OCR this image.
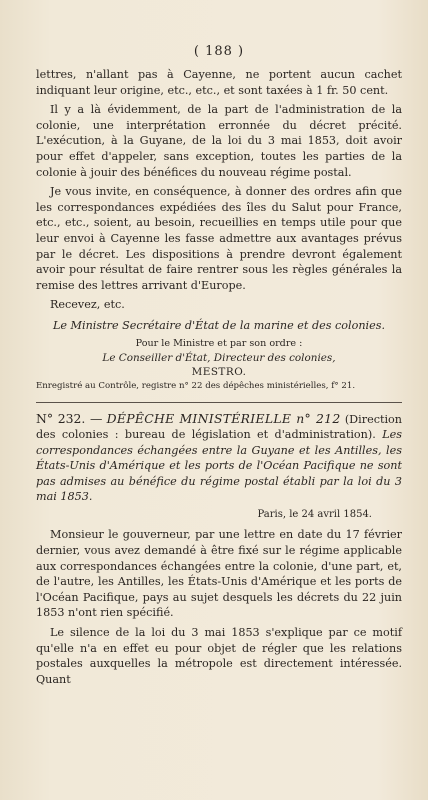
( 188 )

lettres, n'allant pas à Cayenne, ne portent aucun cachet indiquant leur origine, etc., etc., et sont taxées à 1 fr. 50 cent.

Il y a là évidemment, de la part de l'administration de la colonie, une interprétation erronnée du décret précité. L'exécution, à la Guyane, de la loi du 3 mai 1853, doit avoir pour effet d'appeler, sans exception, toutes les parties de la colonie à jouir des bénéfices du nouveau régime postal.

Je vous invite, en conséquence, à donner des ordres afin que les correspondances expédiées des îles du Salut pour France, etc., etc., soient, au besoin, recueillies en temps utile pour que leur envoi à Cayenne les fasse admettre aux avantages prévus par le décret. Les dispositions à prendre devront également avoir pour résultat de faire rentrer sous les règles générales la remise des lettres arrivant d'Europe.

Recevez, etc.

Le Ministre Secrétaire d'État de la marine et des colonies.
Pour le Ministre et par son ordre :
Le Conseiller d'État, Directeur des colonies,
MESTRO.
Enregistré au Contrôle, registre n° 22 des dépêches ministérielles, f° 21.
N° 232. — DÉPÊCHE MINISTÉRIELLE n° 212 (Direction des colonies : bureau de législation et d'administration). Les correspondances échangées entre la Guyane et les Antilles, les États-Unis d'Amérique et les ports de l'Océan Pacifique ne sont pas admises au bénéfice du régime postal établi par la loi du 3 mai 1853.
Paris, le 24 avril 1854.

Monsieur le gouverneur, par une lettre en date du 17 février dernier, vous avez demandé à être fixé sur le régime applicable aux correspondances échangées entre la colonie, d'une part, et, de l'autre, les Antilles, les États-Unis d'Amérique et les ports de l'Océan Pacifique, pays au sujet desquels les décrets du 22 juin 1853 n'ont rien spécifié.

Le silence de la loi du 3 mai 1853 s'explique par ce motif qu'elle n'a en effet eu pour objet de régler que les relations postales auxquelles la métropole est directement intéressée. Quant
